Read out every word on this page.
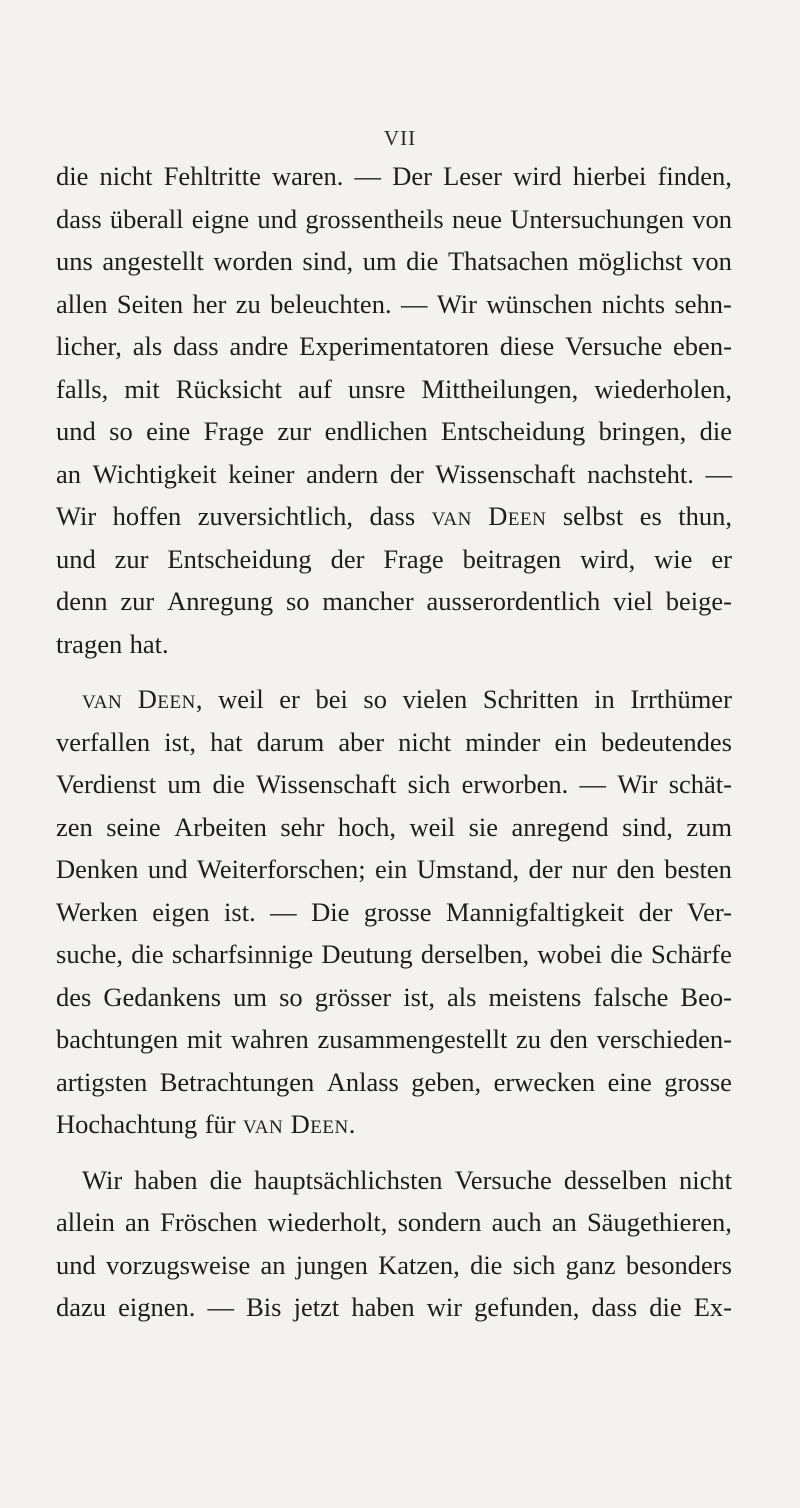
VII
die nicht Fehltritte waren. — Der Leser wird hierbei finden,
dass überall eigne und grossentheils neue Untersuchungen von
uns angestellt worden sind, um die Thatsachen möglichst von
allen Seiten her zu beleuchten. — Wir wünschen nichts sehn-
licher, als dass andre Experimentatoren diese Versuche eben-
falls, mit Rücksicht auf unsre Mittheilungen, wiederholen,
und so eine Frage zur endlichen Entscheidung bringen, die
an Wichtigkeit keiner andern der Wissenschaft nachsteht. —
Wir hoffen zuversichtlich, dass van Deen selbst es thun,
und zur Entscheidung der Frage beitragen wird, wie er
denn zur Anregung so mancher ausserordentlich viel beige-
tragen hat.
van Deen, weil er bei so vielen Schritten in Irrthümer
verfallen ist, hat darum aber nicht minder ein bedeutendes
Verdienst um die Wissenschaft sich erworben. — Wir schät-
zen seine Arbeiten sehr hoch, weil sie anregend sind, zum
Denken und Weiterforschen; ein Umstand, der nur den besten
Werken eigen ist. — Die grosse Mannigfaltigkeit der Ver-
suche, die scharfsinnige Deutung derselben, wobei die Schärfe
des Gedankens um so grösser ist, als meistens falsche Beo-
bachtungen mit wahren zusammengestellt zu den verschieden-
artigsten Betrachtungen Anlass geben, erwecken eine grosse
Hochachtung für van Deen.
Wir haben die hauptsächlichsten Versuche desselben nicht
allein an Fröschen wiederholt, sondern auch an Säugethieren,
und vorzugsweise an jungen Katzen, die sich ganz besonders
dazu eignen. — Bis jetzt haben wir gefunden, dass die Ex-
